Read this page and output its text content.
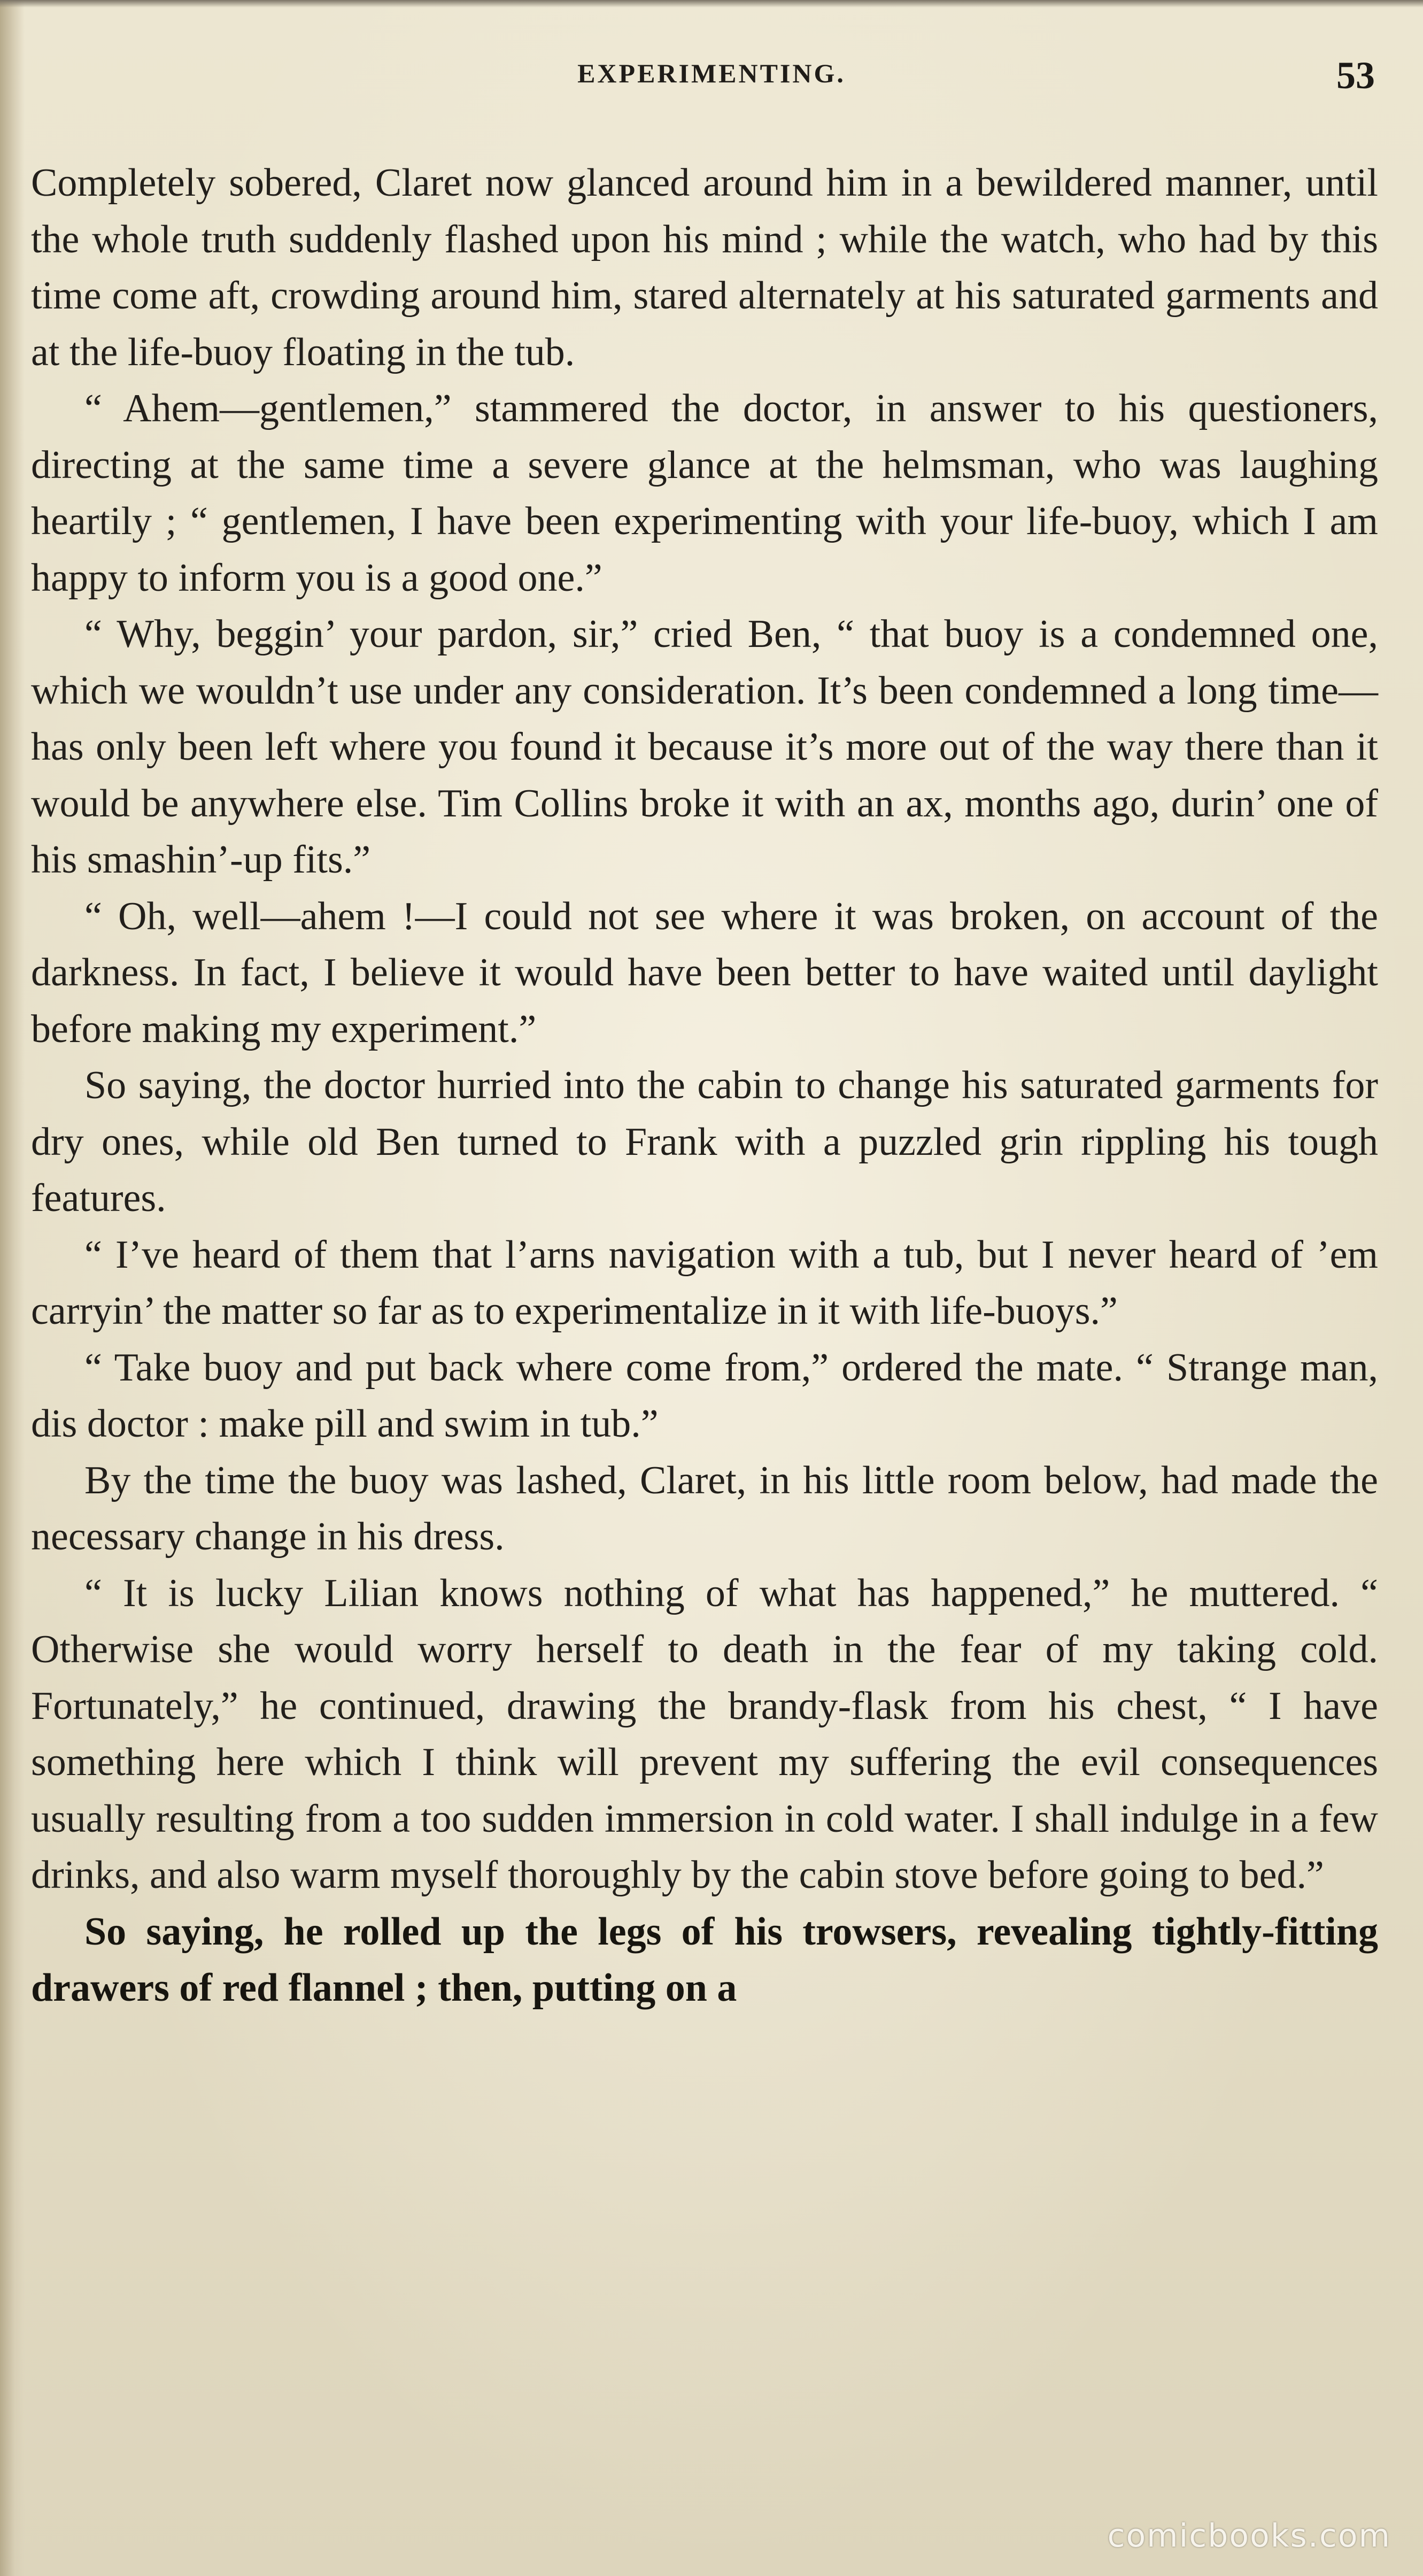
EXPERIMENTING.	53

Completely sobered, Claret now glanced around him in a bewildered manner, until the whole truth suddenly flashed upon his mind ; while the watch, who had by this time come aft, crowding around him, stared alternately at his saturated garments and at the life-buoy floating in the tub.

“ Ahem—gentlemen,” stammered the doctor, in answer to his questioners, directing at the same time a severe glance at the helmsman, who was laughing heartily ; “ gentlemen, I have been experimenting with your life-buoy, which I am happy to inform you is a good one.”

“ Why, beggin’ your pardon, sir,” cried Ben, “ that buoy is a condemned one, which we wouldn’t use under any consideration. It’s been condemned a long time—has only been left where you found it because it’s more out of the way there than it would be anywhere else. Tim Collins broke it with an ax, months ago, durin’ one of his smashin’-up fits.”

“ Oh, well—ahem !—I could not see where it was broken, on account of the darkness. In fact, I believe it would have been better to have waited until daylight before making my experiment.”

So saying, the doctor hurried into the cabin to change his saturated garments for dry ones, while old Ben turned to Frank with a puzzled grin rippling his tough features.

“ I’ve heard of them that l’arns navigation with a tub, but I never heard of ’em carryin’ the matter so far as to experimentalize in it with life-buoys.”

“ Take buoy and put back where come from,” ordered the mate. “ Strange man, dis doctor : make pill and swim in tub.”

By the time the buoy was lashed, Claret, in his little room below, had made the necessary change in his dress.

“ It is lucky Lilian knows nothing of what has happened,” he muttered. “ Otherwise she would worry herself to death in the fear of my taking cold. Fortunately,” he continued, drawing the brandy-flask from his chest, “ I have something here which I think will prevent my suffering the evil consequences usually resulting from a too sudden immersion in cold water. I shall indulge in a few drinks, and also warm myself thoroughly by the cabin stove before going to bed.”

So saying, he rolled up the legs of his trowsers, revealing tightly-fitting drawers of red flannel ; then, putting on a

comicbooks.com
